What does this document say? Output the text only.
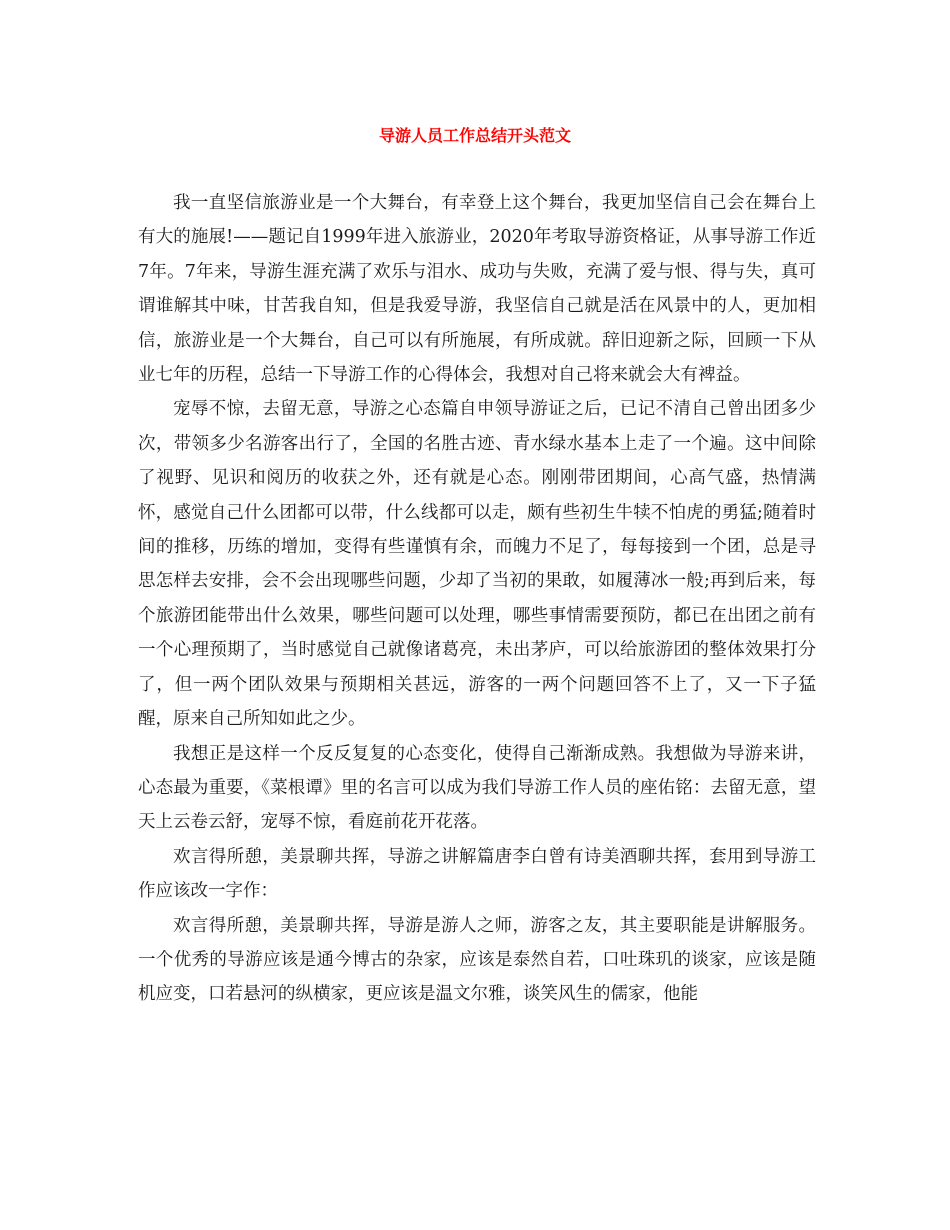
导游人员工作总结开头范文

我一直坚信旅游业是一个大舞台，有幸登上这个舞台，我更加坚信自己会在舞台上有大的施展!——题记自1999年进入旅游业，2020年考取导游资格证，从事导游工作近7年。7年来，导游生涯充满了欢乐与泪水、成功与失败，充满了爱与恨、得与失，真可谓谁解其中味，甘苦我自知，但是我爱导游，我坚信自己就是活在风景中的人，更加相信，旅游业是一个大舞台，自己可以有所施展，有所成就。辞旧迎新之际，回顾一下从业七年的历程，总结一下导游工作的心得体会，我想对自己将来就会大有裨益。

宠辱不惊，去留无意，导游之心态篇自申领导游证之后，已记不清自己曾出团多少次，带领多少名游客出行了，全国的名胜古迹、青水绿水基本上走了一个遍。这中间除了视野、见识和阅历的收获之外，还有就是心态。刚刚带团期间，心高气盛，热情满怀，感觉自己什么团都可以带，什么线都可以走，颇有些初生牛犊不怕虎的勇猛;随着时间的推移，历练的增加，变得有些谨慎有余，而魄力不足了，每每接到一个团，总是寻思怎样去安排，会不会出现哪些问题，少却了当初的果敢，如履薄冰一般;再到后来，每个旅游团能带出什么效果，哪些问题可以处理，哪些事情需要预防，都已在出团之前有一个心理预期了，当时感觉自己就像诸葛亮，未出茅庐，可以给旅游团的整体效果打分了，但一两个团队效果与预期相关甚远，游客的一两个问题回答不上了，又一下子猛醒，原来自己所知如此之少。

我想正是这样一个反反复复的心态变化，使得自己渐渐成熟。我想做为导游来讲，心态最为重要，《菜根谭》里的名言可以成为我们导游工作人员的座佑铭：去留无意，望天上云卷云舒，宠辱不惊，看庭前花开花落。

欢言得所憩，美景聊共挥，导游之讲解篇唐李白曾有诗美酒聊共挥，套用到导游工作应该改一字作：

欢言得所憩，美景聊共挥，导游是游人之师，游客之友，其主要职能是讲解服务。一个优秀的导游应该是通今博古的杂家，应该是泰然自若，口吐珠玑的谈家，应该是随机应变，口若悬河的纵横家，更应该是温文尔雅，谈笑风生的儒家，他能
